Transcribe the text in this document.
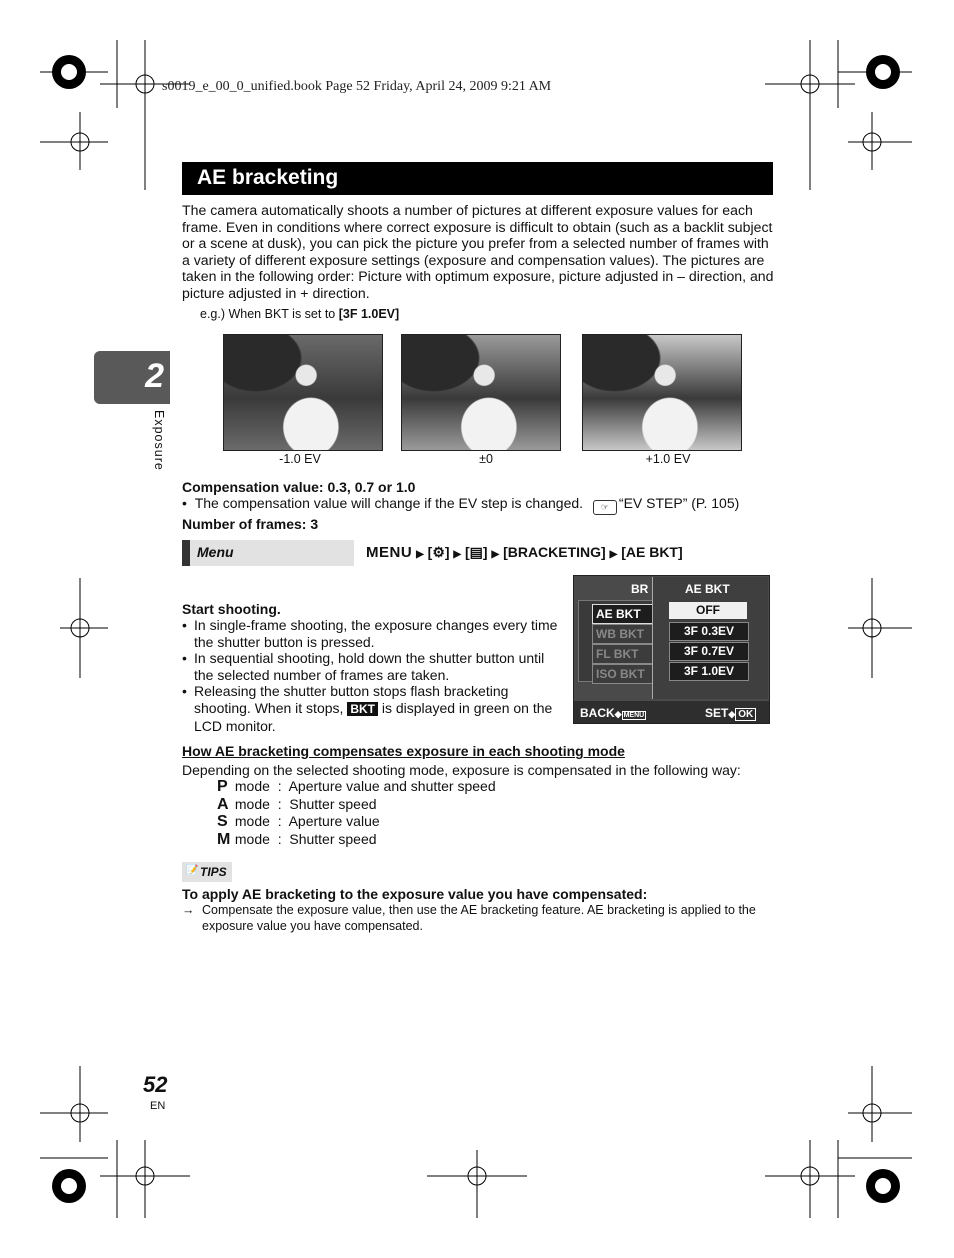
s0019_e_00_0_unified.book Page 52 Friday, April 24, 2009 9:21 AM
AE bracketing
The camera automatically shoots a number of pictures at different exposure values for each frame. Even in conditions where correct exposure is difficult to obtain (such as a backlit subject or a scene at dusk), you can pick the picture you prefer from a selected number of frames with a variety of different exposure settings (exposure and compensation values). The pictures are taken in the following order: Picture with optimum exposure, picture adjusted in – direction, and picture adjusted in + direction.
e.g.) When BKT is set to [3F 1.0EV]
-1.0 EV	±0	+1.0 EV
2
Exposure
Compensation value: 0.3, 0.7 or 1.0
•  The compensation value will change if the EV step is changed. ☞ “EV STEP” (P. 105)
Number of frames: 3
Menu	MENU ▶ [⚙] ▶ [▤] ▶ [BRACKETING] ▶ [AE BKT]
BR
AE BKT
WB BKT
FL BKT
ISO BKT
AE BKT
OFF
3F 0.3EV
3F 0.7EV
3F 1.0EV
BACK◆ MENU	SET◆ OK
Start shooting.
• In single-frame shooting, the exposure changes every time the shutter button is pressed.
• In sequential shooting, hold down the shutter button until the selected number of frames are taken.
• Releasing the shutter button stops flash bracketing shooting. When it stops, BKT is displayed in green on the LCD monitor.
How AE bracketing compensates exposure in each shooting mode
Depending on the selected shooting mode, exposure is compensated in the following way:
P mode  :  Aperture value and shutter speed
A mode  :  Shutter speed
S mode  :  Aperture value
M mode  :  Shutter speed
📝 TIPS
To apply AE bracketing to the exposure value you have compensated:
→ Compensate the exposure value, then use the AE bracketing feature. AE bracketing is applied to the exposure value you have compensated.
52
EN
